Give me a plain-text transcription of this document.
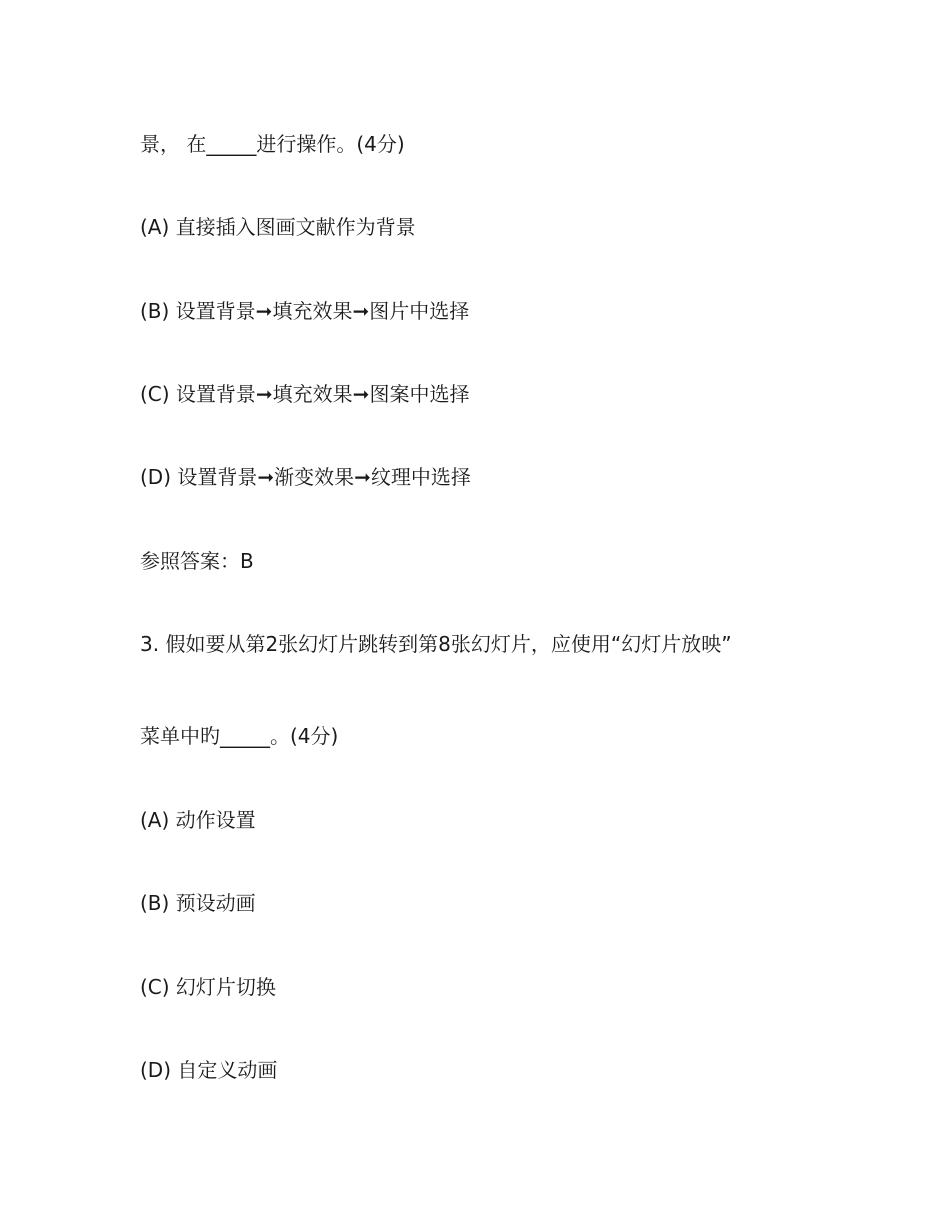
景， 在_____进行操作。(4分)
(A) 直接插入图画文献作为背景
(B) 设置背景➞填充效果➞图片中选择
(C) 设置背景➞填充效果➞图案中选择
(D) 设置背景➞渐变效果➞纹理中选择
参照答案：B
3. 假如要从第2张幻灯片跳转到第8张幻灯片，应使用“幻灯片放映”
菜单中旳_____。(4分)
(A) 动作设置
(B) 预设动画
(C) 幻灯片切换
(D) 自定义动画
